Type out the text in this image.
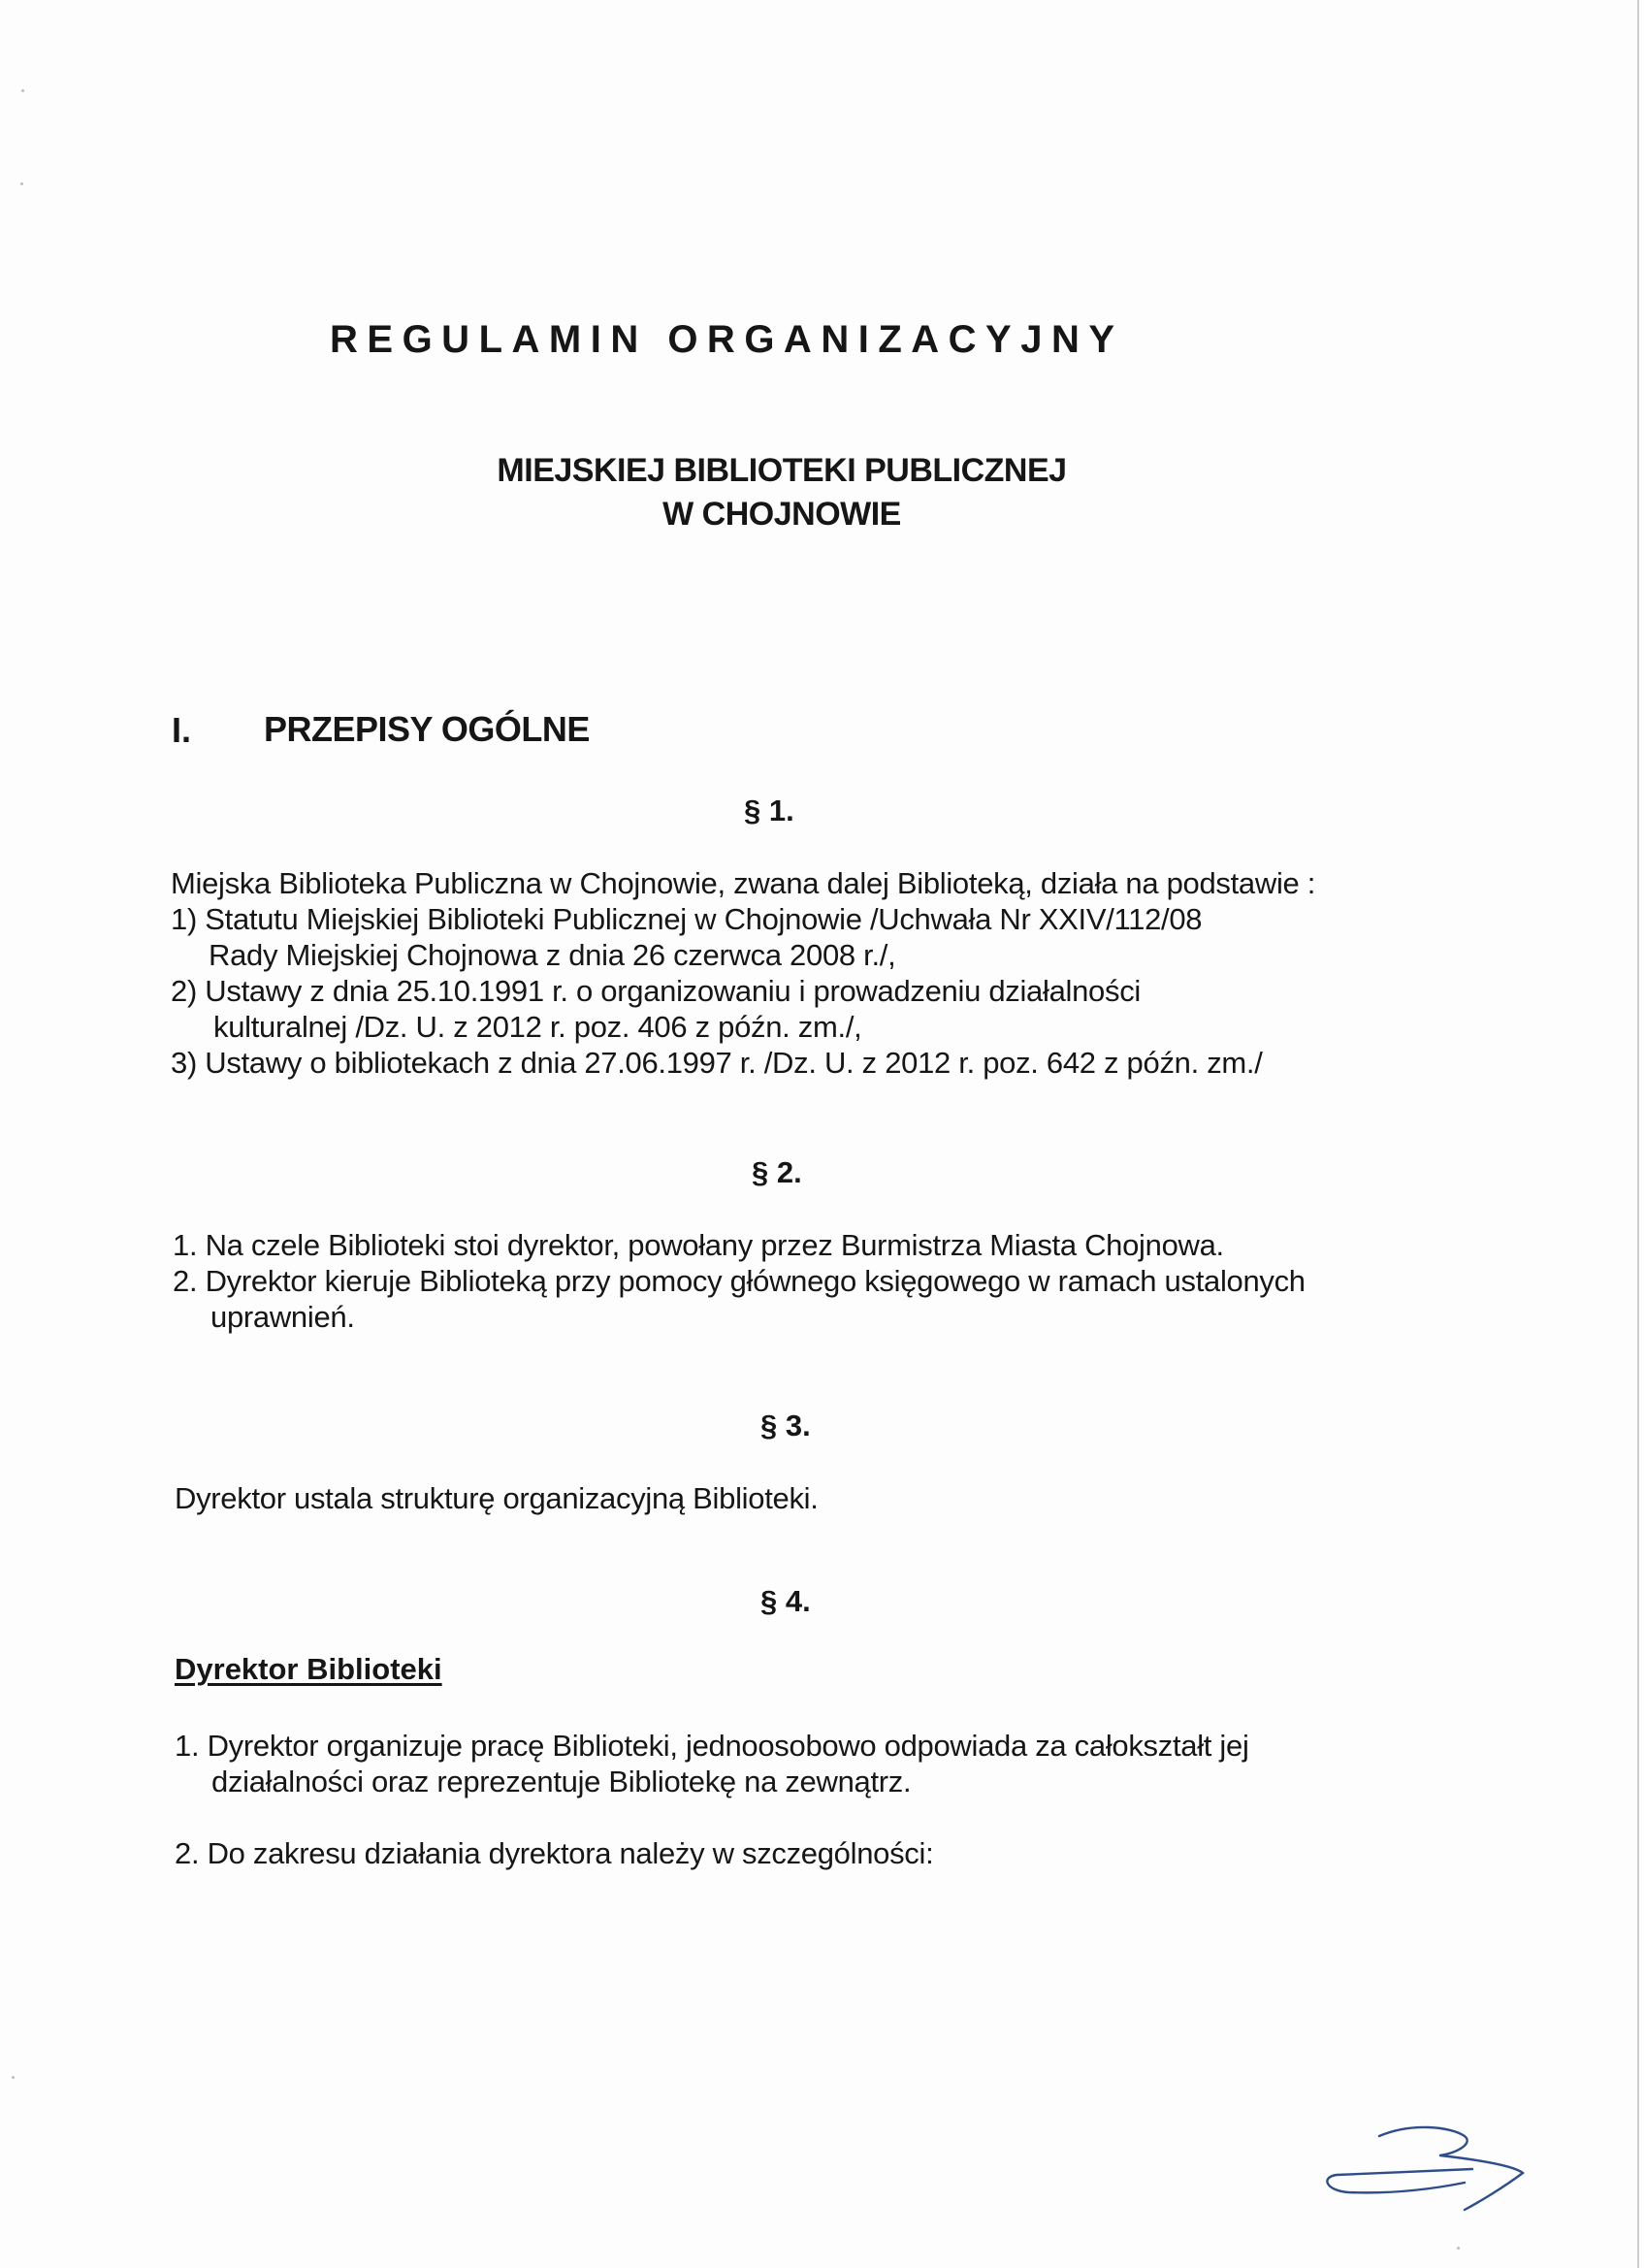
REGULAMIN ORGANIZACYJNY
MIEJSKIEJ BIBLIOTEKI PUBLICZNEJ
W CHOJNOWIE
I. PRZEPISY OGÓLNE
§ 1.
Miejska Biblioteka Publiczna w Chojnowie, zwana dalej Biblioteką, działa na podstawie :
1) Statutu Miejskiej Biblioteki Publicznej w Chojnowie /Uchwała Nr XXIV/112/08
Rady Miejskiej Chojnowa z dnia 26 czerwca 2008 r./,
2) Ustawy z dnia 25.10.1991 r. o organizowaniu i prowadzeniu działalności
kulturalnej /Dz. U. z 2012 r. poz. 406 z późn. zm./,
3) Ustawy o bibliotekach z dnia 27.06.1997 r. /Dz. U. z 2012 r. poz. 642 z późn. zm./
§ 2.
1. Na czele Biblioteki stoi dyrektor, powołany przez Burmistrza Miasta Chojnowa.
2. Dyrektor kieruje Biblioteką przy pomocy głównego księgowego w ramach ustalonych
uprawnień.
§ 3.
Dyrektor ustala strukturę organizacyjną Biblioteki.
§ 4.
Dyrektor Biblioteki
1. Dyrektor organizuje pracę Biblioteki, jednoosobowo odpowiada za całokształt jej
działalności oraz reprezentuje Bibliotekę na zewnątrz.
2. Do zakresu działania dyrektora należy w szczególności:
